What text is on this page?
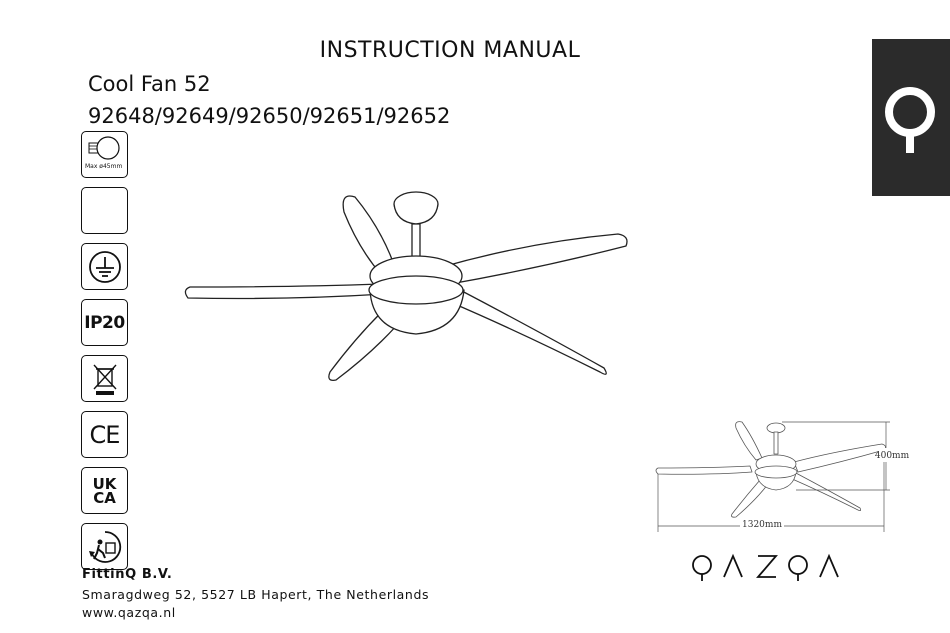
INSTRUCTION MANUAL
Cool Fan 52
92648/92649/92650/92651/92652
Max ø45mm
IP20
CE
UK
CA
1320mm
400mm
FittinQ B.V.
Smaragdweg 52, 5527 LB Hapert, The Netherlands
www.qazqa.nl
